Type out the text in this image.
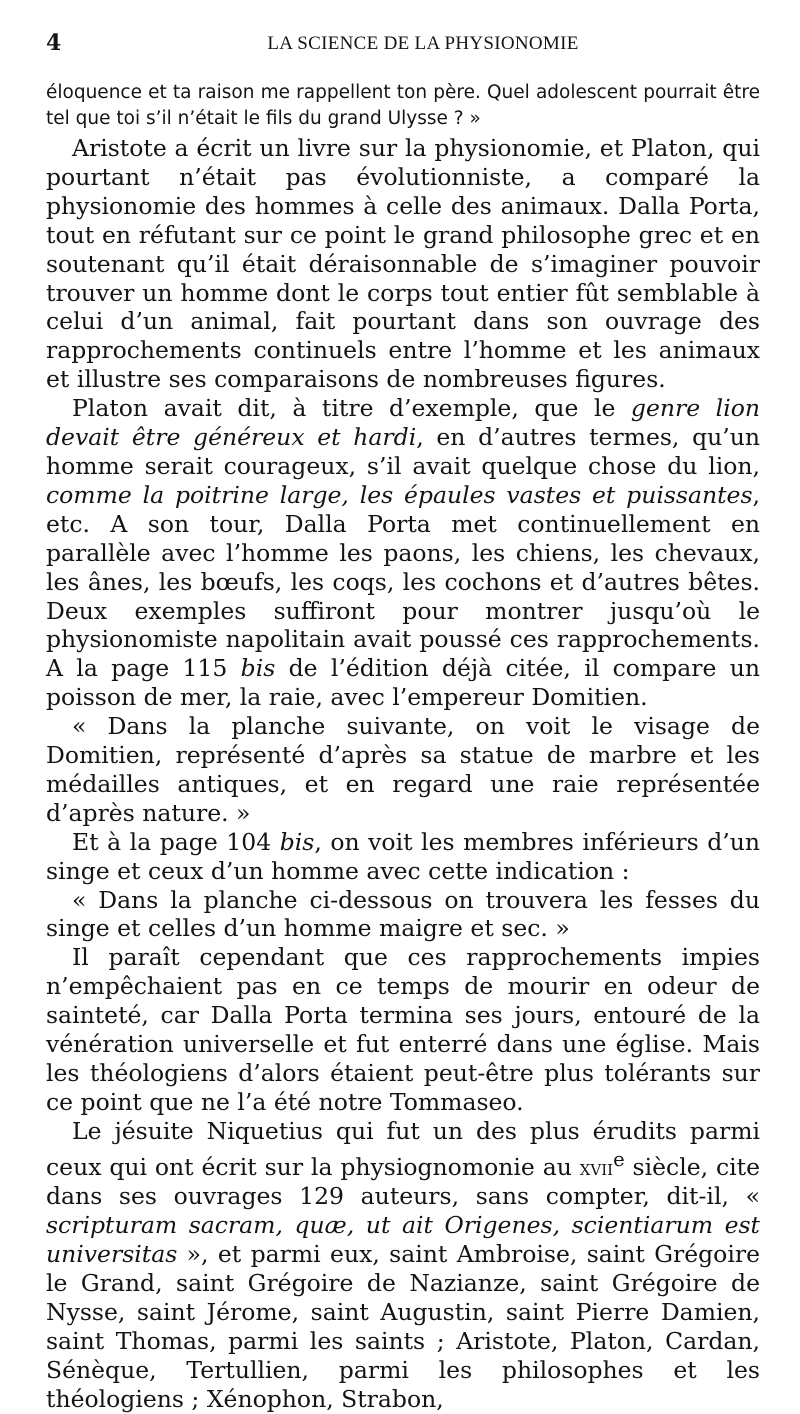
4	LA SCIENCE DE LA PHYSIONOMIE

éloquence et ta raison me rappellent ton père. Quel adolescent pourrait être tel que toi s’il n’était le fils du grand Ulysse ? »

Aristote a écrit un livre sur la physionomie, et Platon, qui pourtant n’était pas évolutionniste, a comparé la physionomie des hommes à celle des animaux. Dalla Porta, tout en réfutant sur ce point le grand philosophe grec et en soutenant qu’il était déraisonnable de s’imaginer pouvoir trouver un homme dont le corps tout entier fût semblable à celui d’un animal, fait pourtant dans son ouvrage des rapprochements continuels entre l’homme et les animaux et illustre ses comparaisons de nombreuses figures.

Platon avait dit, à titre d’exemple, que le genre lion devait être généreux et hardi, en d’autres termes, qu’un homme serait courageux, s’il avait quelque chose du lion, comme la poitrine large, les épaules vastes et puissantes, etc. A son tour, Dalla Porta met continuellement en parallèle avec l’homme les paons, les chiens, les chevaux, les ânes, les bœufs, les coqs, les cochons et d’autres bêtes. Deux exemples suffiront pour montrer jusqu’où le physionomiste napolitain avait poussé ces rapprochements. A la page 115 bis de l’édition déjà citée, il compare un poisson de mer, la raie, avec l’empereur Domitien.

« Dans la planche suivante, on voit le visage de Domitien, représenté d’après sa statue de marbre et les médailles antiques, et en regard une raie représentée d’après nature. »

Et à la page 104 bis, on voit les membres inférieurs d’un singe et ceux d’un homme avec cette indication :

« Dans la planche ci-dessous on trouvera les fesses du singe et celles d’un homme maigre et sec. »

Il paraît cependant que ces rapprochements impies n’empêchaient pas en ce temps de mourir en odeur de sainteté, car Dalla Porta termina ses jours, entouré de la vénération universelle et fut enterré dans une église. Mais les théologiens d’alors étaient peut-être plus tolérants sur ce point que ne l’a été notre Tommaseo.

Le jésuite Niquetius qui fut un des plus érudits parmi ceux qui ont écrit sur la physiognomonie au xvii$^e$ siècle, cite dans ses ouvrages 129 auteurs, sans compter, dit-il, « scripturam sacram, quæ, ut ait Origenes, scientiarum est universitas », et parmi eux, saint Ambroise, saint Grégoire le Grand, saint Grégoire de Nazianze, saint Grégoire de Nysse, saint Jérome, saint Augustin, saint Pierre Damien, saint Thomas, parmi les saints ; Aristote, Platon, Cardan, Sénèque, Tertullien, parmi les philosophes et les théologiens ; Xénophon, Strabon,
